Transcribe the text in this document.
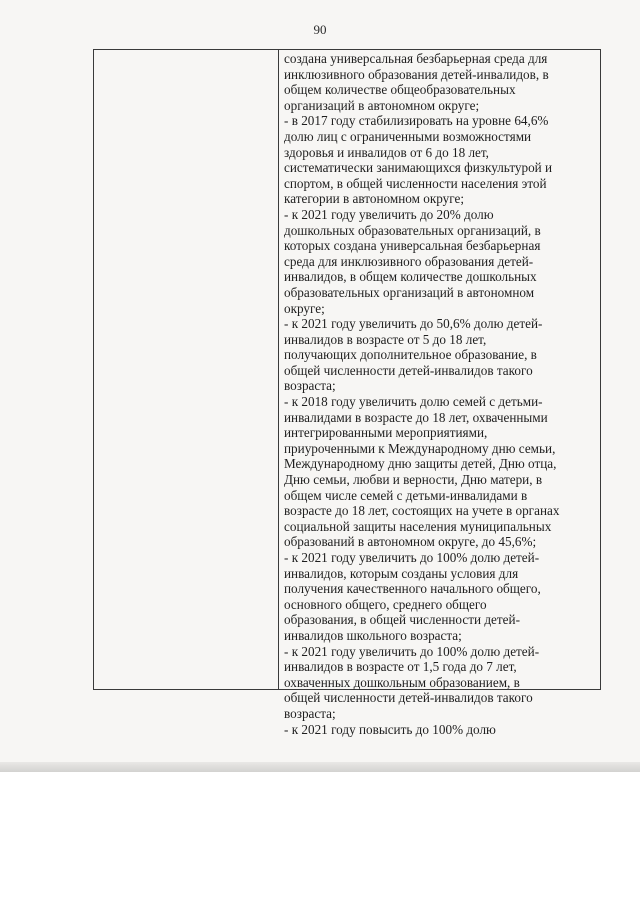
90
создана универсальная безбарьерная среда для
инклюзивного образования детей-инвалидов, в
общем количестве общеобразовательных
организаций в автономном округе;
- в 2017 году стабилизировать на уровне 64,6%
долю лиц с ограниченными возможностями
здоровья и инвалидов от 6 до 18 лет,
систематически занимающихся физкультурой и
спортом, в общей численности населения этой
категории в автономном округе;
- к 2021 году увеличить до 20% долю
дошкольных образовательных организаций, в
которых создана универсальная безбарьерная
среда для инклюзивного образования детей-
инвалидов, в общем количестве дошкольных
образовательных организаций в автономном
округе;
- к 2021 году увеличить до 50,6% долю детей-
инвалидов в возрасте от 5 до 18 лет,
получающих дополнительное образование, в
общей численности детей-инвалидов такого
возраста;
- к 2018 году увеличить долю семей с детьми-
инвалидами в возрасте до 18 лет, охваченными
интегрированными мероприятиями,
приуроченными к Международному дню семьи,
Международному дню защиты детей, Дню отца,
Дню семьи, любви и верности, Дню матери, в
общем числе семей с детьми-инвалидами в
возрасте до 18 лет, состоящих на учете в органах
социальной защиты населения муниципальных
образований в автономном округе, до 45,6%;
- к 2021 году увеличить до 100% долю детей-
инвалидов, которым созданы условия для
получения качественного начального общего,
основного общего, среднего общего
образования, в общей численности детей-
инвалидов школьного возраста;
- к 2021 году увеличить до 100% долю детей-
инвалидов в возрасте от 1,5 года до 7 лет,
охваченных дошкольным образованием, в
общей численности детей-инвалидов такого
возраста;
- к 2021 году повысить до 100% долю
